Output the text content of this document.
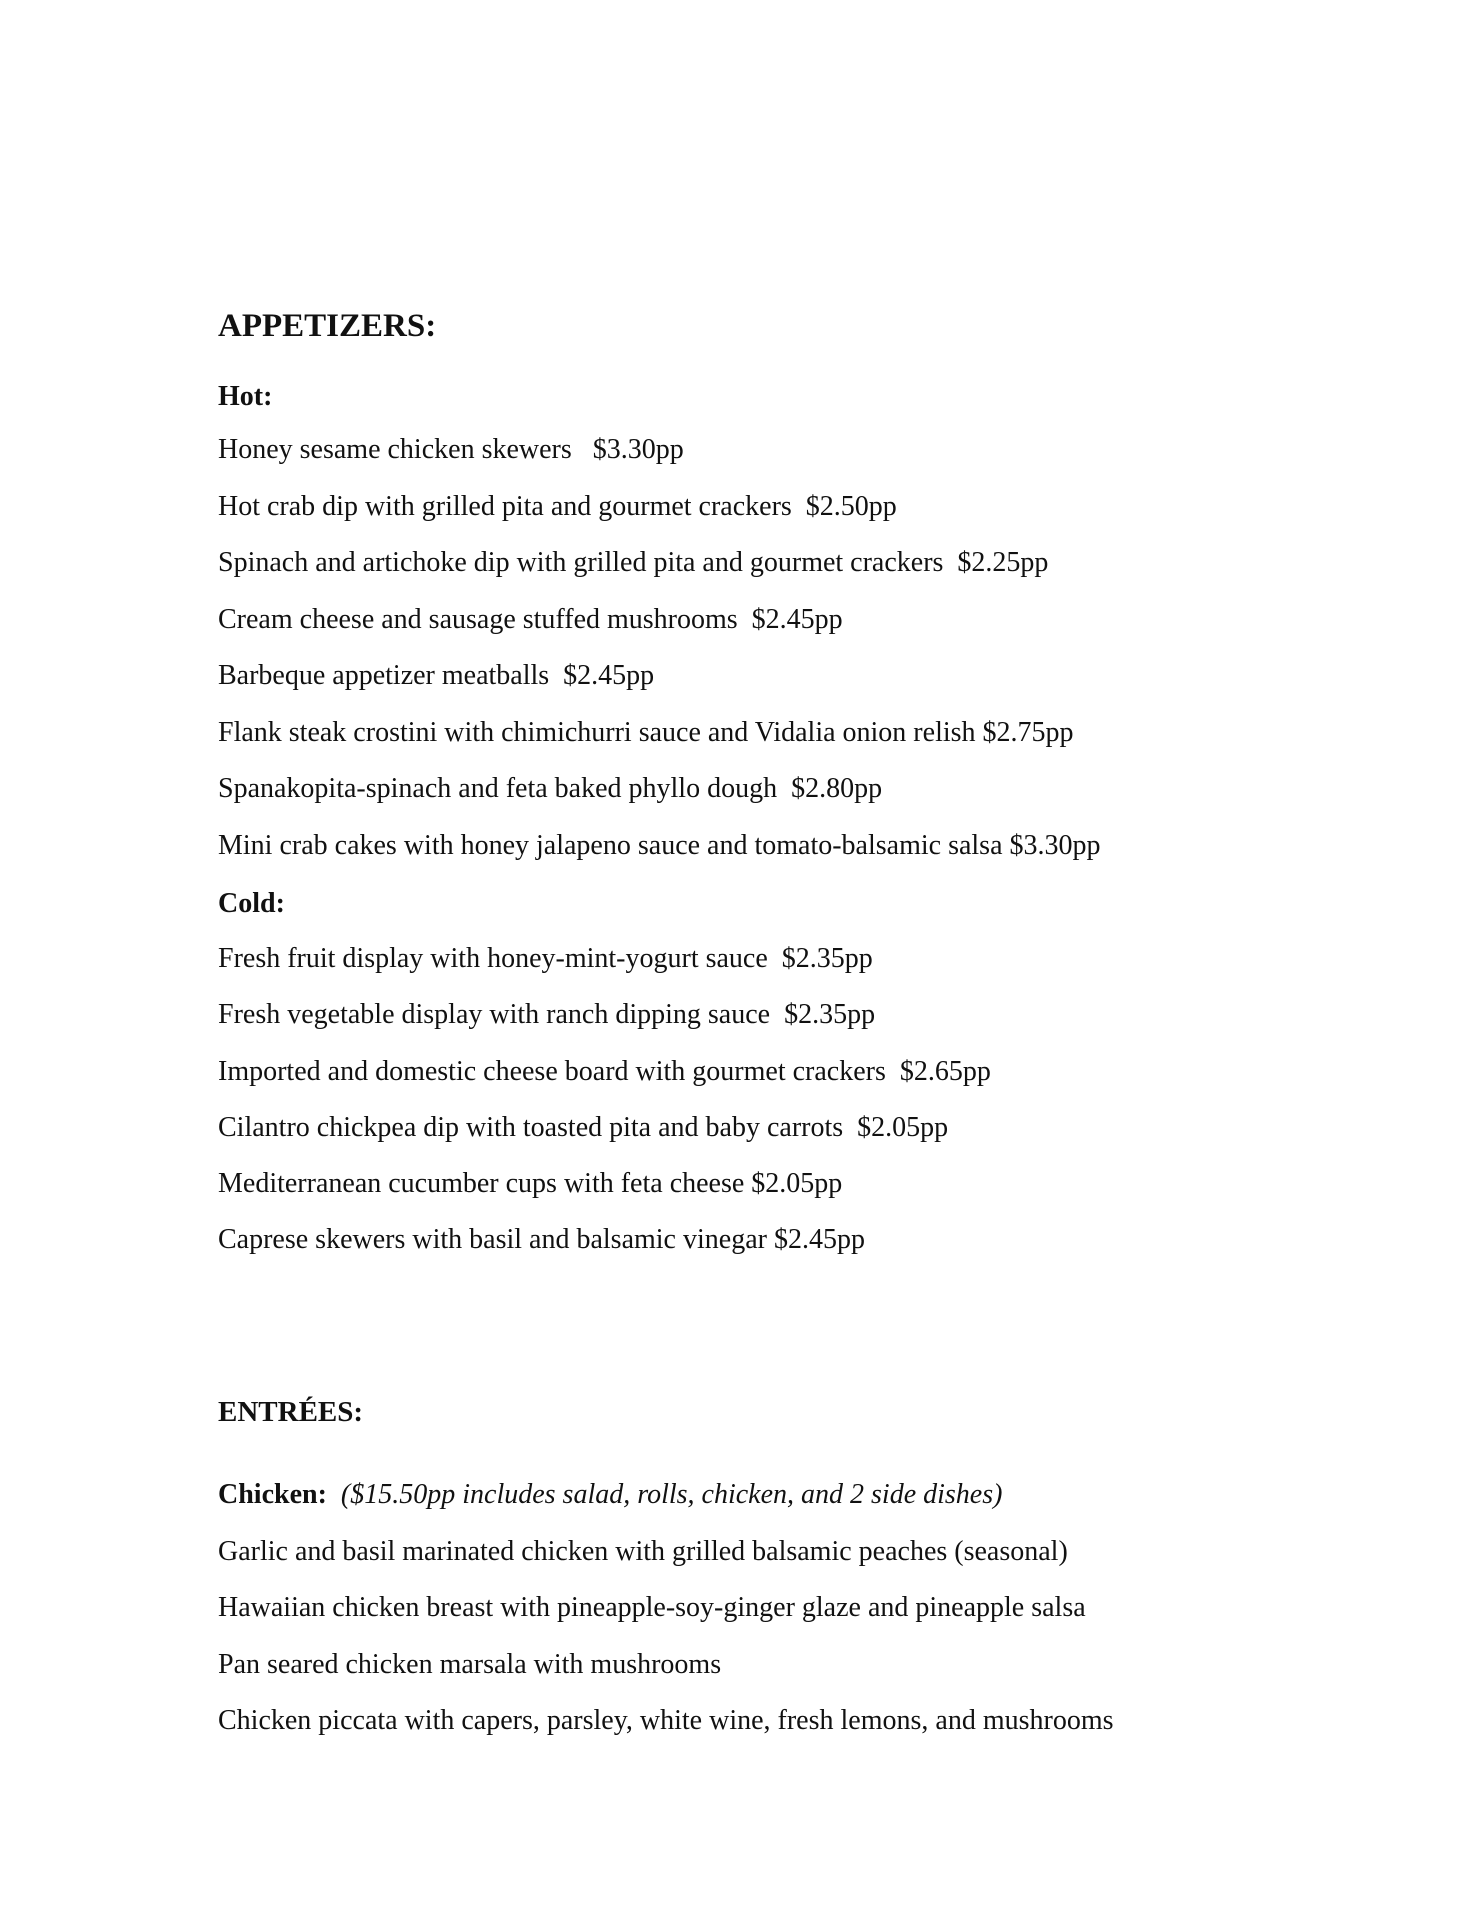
APPETIZERS:
Hot:
Honey sesame chicken skewers   $3.30pp
Hot crab dip with grilled pita and gourmet crackers  $2.50pp
Spinach and artichoke dip with grilled pita and gourmet crackers  $2.25pp
Cream cheese and sausage stuffed mushrooms  $2.45pp
Barbeque appetizer meatballs  $2.45pp
Flank steak crostini with chimichurri sauce and Vidalia onion relish $2.75pp
Spanakopita-spinach and feta baked phyllo dough  $2.80pp
Mini crab cakes with honey jalapeno sauce and tomato-balsamic salsa $3.30pp
Cold:
Fresh fruit display with honey-mint-yogurt sauce  $2.35pp
Fresh vegetable display with ranch dipping sauce  $2.35pp
Imported and domestic cheese board with gourmet crackers  $2.65pp
Cilantro chickpea dip with toasted pita and baby carrots  $2.05pp
Mediterranean cucumber cups with feta cheese $2.05pp
Caprese skewers with basil and balsamic vinegar $2.45pp
ENTRÉES:
Chicken: ($15.50pp includes salad, rolls, chicken, and 2 side dishes)
Garlic and basil marinated chicken with grilled balsamic peaches (seasonal)
Hawaiian chicken breast with pineapple-soy-ginger glaze and pineapple salsa
Pan seared chicken marsala with mushrooms
Chicken piccata with capers, parsley, white wine, fresh lemons, and mushrooms
